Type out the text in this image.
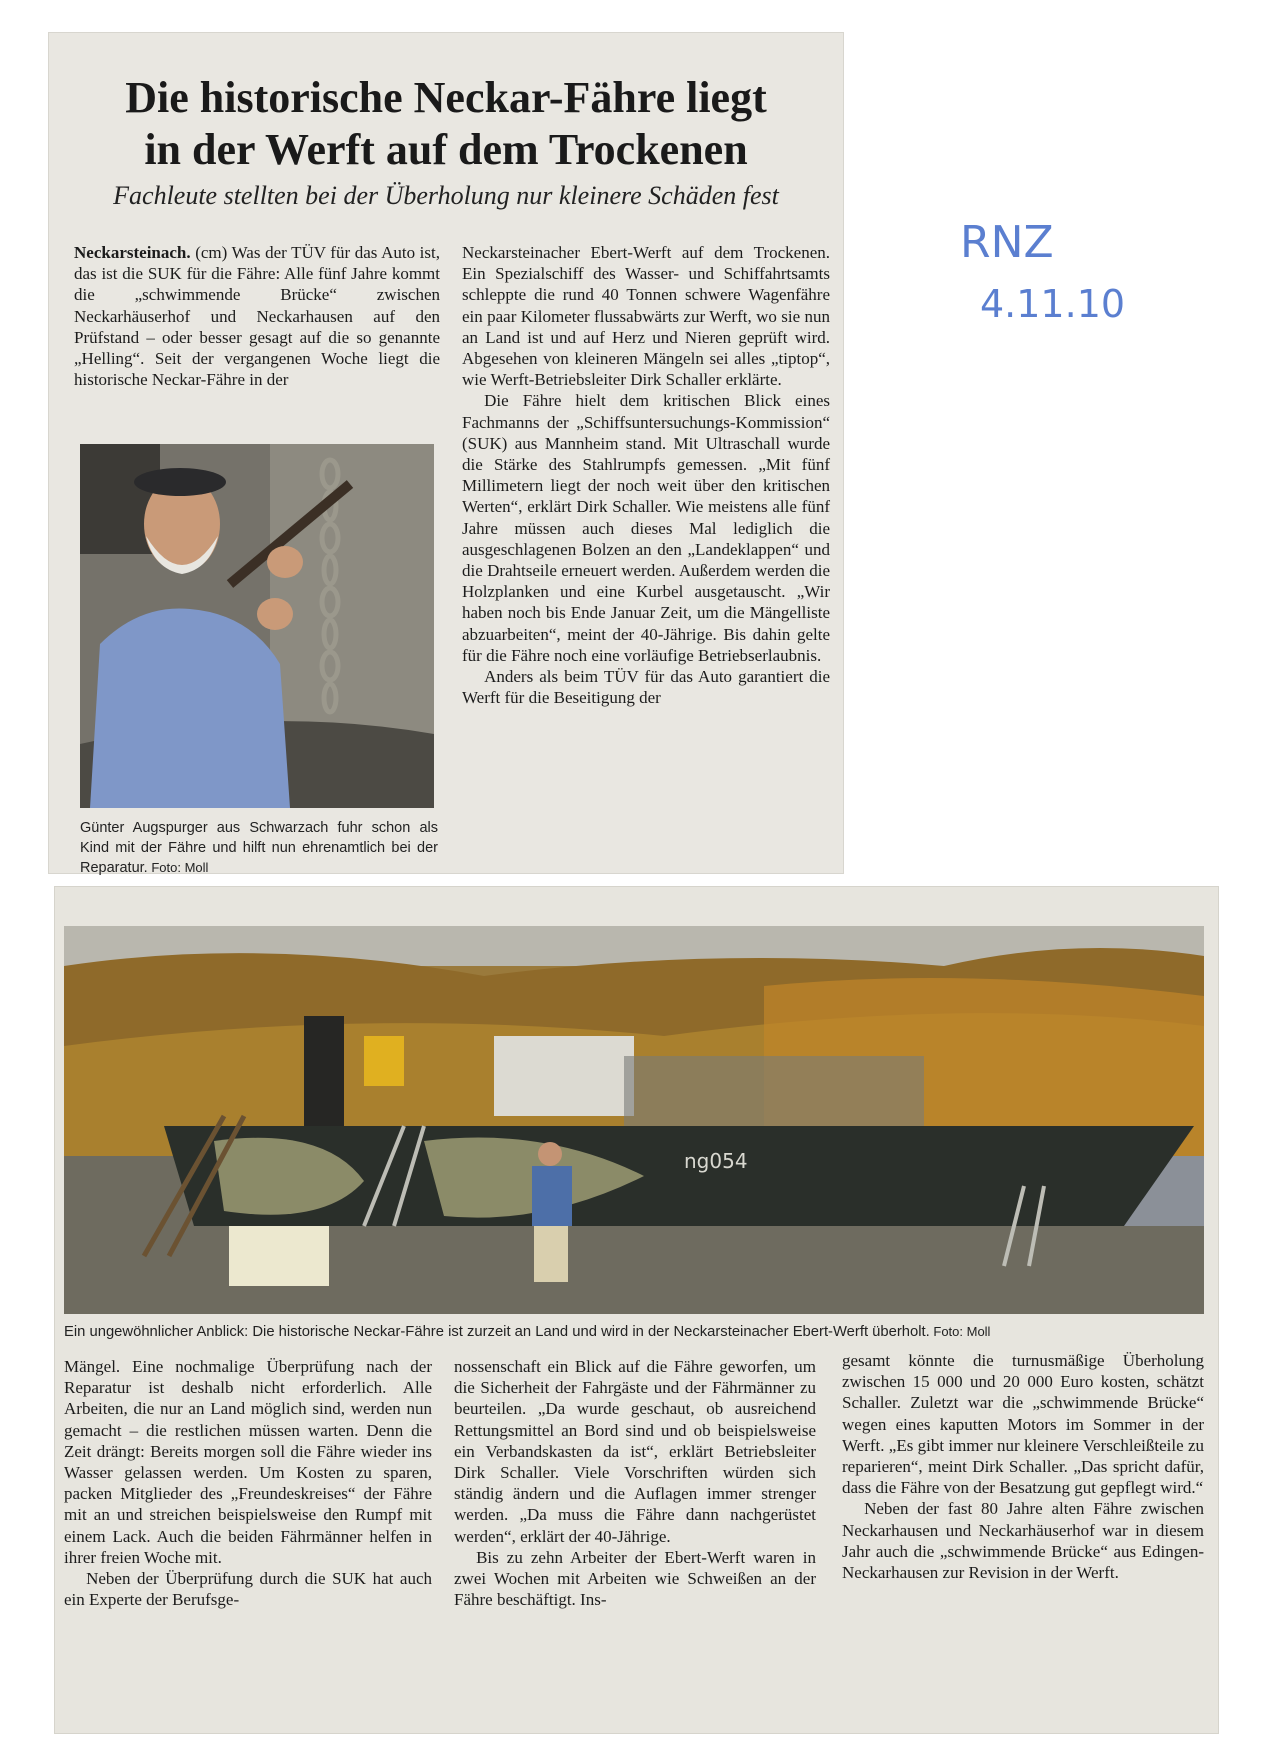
RNZ
4.11.10
Die historische Neckar-Fähre liegt
in der Werft auf dem Trockenen
Fachleute stellten bei der Überholung nur kleinere Schäden fest

Neckarsteinach. (cm) Was der TÜV für das Auto ist, das ist die SUK für die Fähre: Alle fünf Jahre kommt die „schwimmende Brücke“ zwischen Neckarhäuserhof und Neckarhausen auf den Prüfstand – oder besser gesagt auf die so genannte „Helling“. Seit der vergangenen Woche liegt die historische Neckar-Fähre in der

Günter Augspurger aus Schwarzach fuhr schon als Kind mit der Fähre und hilft nun ehrenamtlich bei der Reparatur. Foto: Moll

Neckarsteinacher Ebert-Werft auf dem Trockenen. Ein Spezialschiff des Wasser- und Schiffahrtsamts schleppte die rund 40 Tonnen schwere Wagenfähre ein paar Kilometer flussabwärts zur Werft, wo sie nun an Land ist und auf Herz und Nieren geprüft wird. Abgesehen von kleineren Mängeln sei alles „tiptop“, wie Werft-Betriebsleiter Dirk Schaller erklärte.

Die Fähre hielt dem kritischen Blick eines Fachmanns der „Schiffsuntersuchungs-Kommission“ (SUK) aus Mannheim stand. Mit Ultraschall wurde die Stärke des Stahlrumpfs gemessen. „Mit fünf Millimetern liegt der noch weit über den kritischen Werten“, erklärt Dirk Schaller. Wie meistens alle fünf Jahre müssen auch dieses Mal lediglich die ausgeschlagenen Bolzen an den „Landeklappen“ und die Drahtseile erneuert werden. Außerdem werden die Holzplanken und eine Kurbel ausgetauscht. „Wir haben noch bis Ende Januar Zeit, um die Mängelliste abzuarbeiten“, meint der 40-Jährige. Bis dahin gelte für die Fähre noch eine vorläufige Betriebserlaubnis.

Anders als beim TÜV für das Auto garantiert die Werft für die Beseitigung der

ng054
Ein ungewöhnlicher Anblick: Die historische Neckar-Fähre ist zurzeit an Land und wird in der Neckarsteinacher Ebert-Werft überholt. Foto: Moll

Mängel. Eine nochmalige Überprüfung nach der Reparatur ist deshalb nicht erforderlich. Alle Arbeiten, die nur an Land möglich sind, werden nun gemacht – die restlichen müssen warten. Denn die Zeit drängt: Bereits morgen soll die Fähre wieder ins Wasser gelassen werden. Um Kosten zu sparen, packen Mitglieder des „Freundeskreises“ der Fähre mit an und streichen beispielsweise den Rumpf mit einem Lack. Auch die beiden Fährmänner helfen in ihrer freien Woche mit.

Neben der Überprüfung durch die SUK hat auch ein Experte der Berufsge-

nossenschaft ein Blick auf die Fähre geworfen, um die Sicherheit der Fahrgäste und der Fährmänner zu beurteilen. „Da wurde geschaut, ob ausreichend Rettungsmittel an Bord sind und ob beispielsweise ein Verbandskasten da ist“, erklärt Betriebsleiter Dirk Schaller. Viele Vorschriften würden sich ständig ändern und die Auflagen immer strenger werden. „Da muss die Fähre dann nachgerüstet werden“, erklärt der 40-Jährige.

Bis zu zehn Arbeiter der Ebert-Werft waren in zwei Wochen mit Arbeiten wie Schweißen an der Fähre beschäftigt. Ins-

gesamt könnte die turnusmäßige Überholung zwischen 15 000 und 20 000 Euro kosten, schätzt Schaller. Zuletzt war die „schwimmende Brücke“ wegen eines kaputten Motors im Sommer in der Werft. „Es gibt immer nur kleinere Verschleißteile zu reparieren“, meint Dirk Schaller. „Das spricht dafür, dass die Fähre von der Besatzung gut gepflegt wird.“

Neben der fast 80 Jahre alten Fähre zwischen Neckarhausen und Neckarhäuserhof war in diesem Jahr auch die „schwimmende Brücke“ aus Edingen-Neckarhausen zur Revision in der Werft.
